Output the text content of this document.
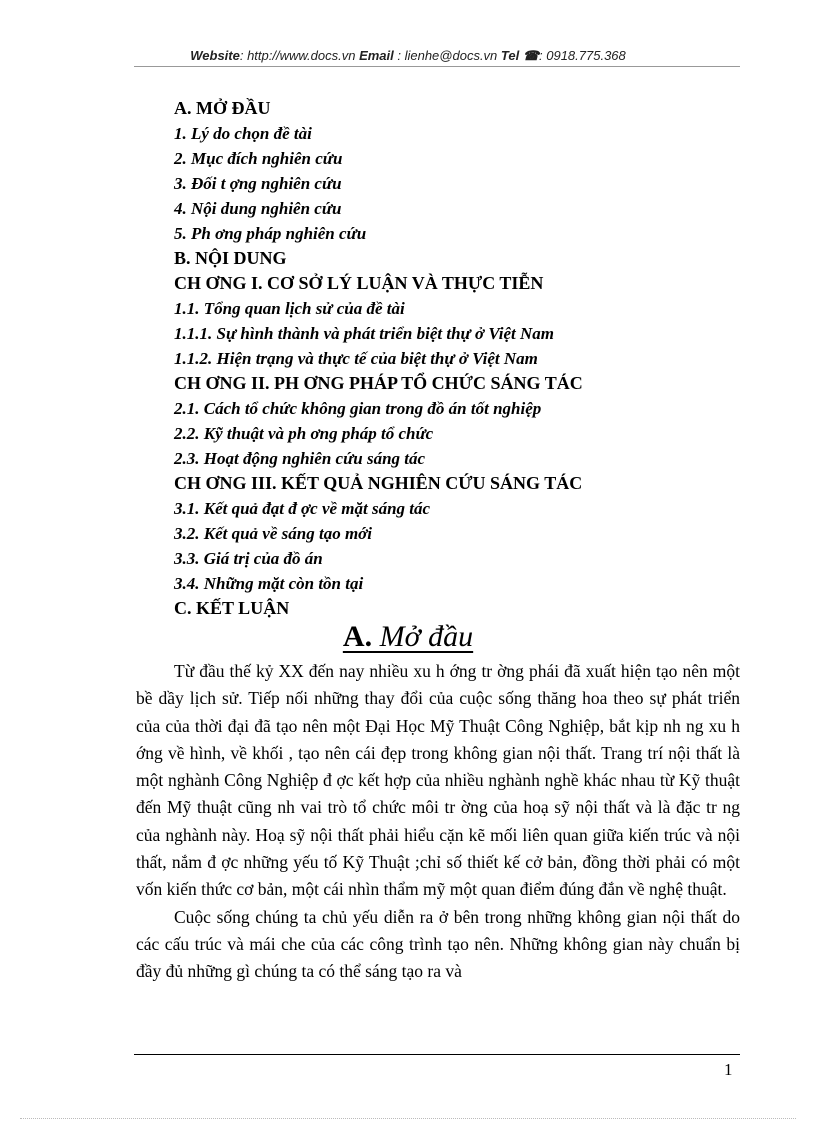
Website: http://www.docs.vn Email : lienhe@docs.vn Tel ☎: 0918.775.368
A. MỞ ĐẦU
1. Lý do chọn đề tài
2. Mục đích nghiên cứu
3. Đối t ợng nghiên cứu
4. Nội dung nghiên cứu
5. Ph ơng pháp nghiên cứu
B. NỘI DUNG
CH ƠNG I. CƠ SỞ LÝ LUẬN VÀ THỰC TIỄN
1.1. Tổng quan lịch sử của đề tài
1.1.1. Sự hình thành và phát triển biệt thự ở Việt Nam
1.1.2. Hiện trạng và thực tế của biệt thự ở Việt Nam
CH ƠNG II. PH ƠNG PHÁP TỔ CHỨC SÁNG TÁC
2.1. Cách tổ chức không gian trong đồ án tốt nghiệp
2.2. Kỹ thuật và ph ơng pháp tổ chức
2.3. Hoạt động nghiên cứu sáng tác
CH ƠNG III. KẾT QUẢ NGHIÊN CỨU SÁNG TÁC
3.1. Kết quả đạt đ ợc về mặt sáng tác
3.2. Kết quả về sáng tạo mới
3.3. Giá trị của đồ án
3.4. Những mặt còn tồn tại
C. KẾT LUẬN
A. Mở đầu

Từ đầu thế kỷ XX đến nay nhiều xu h ớng tr ờng phái đã xuất hiện tạo nên một bề dầy lịch sử. Tiếp nối những thay đổi của cuộc sống thăng hoa theo sự phát triển của của thời đại đã tạo nên một Đại Học Mỹ Thuật Công Nghiệp, bắt kịp nh ng xu h ớng về hình, về khối , tạo nên cái đẹp trong không gian nội thất. Trang trí nội thất là một nghành Công Nghiệp đ ợc kết hợp của nhiều nghành nghề khác nhau từ Kỹ thuật đến Mỹ thuật cũng nh vai trò tổ chức môi tr ờng của hoạ sỹ nội thất và là đặc tr ng của nghành này. Hoạ sỹ nội thất phải hiểu cặn kẽ mối liên quan giữa kiến trúc và nội thất, nắm đ ợc những yếu tố Kỹ Thuật ;chỉ số thiết kế cở bản, đồng thời phải có một vốn kiến thức cơ bản, một cái nhìn thẩm mỹ một quan điểm đúng đắn về nghệ thuật.

Cuộc sống chúng ta chủ yếu diễn ra ở bên trong những không gian nội thất do các cấu trúc và mái che của các công trình tạo nên. Những không gian này chuẩn bị đầy đủ những gì chúng ta có thể sáng tạo ra và

1
